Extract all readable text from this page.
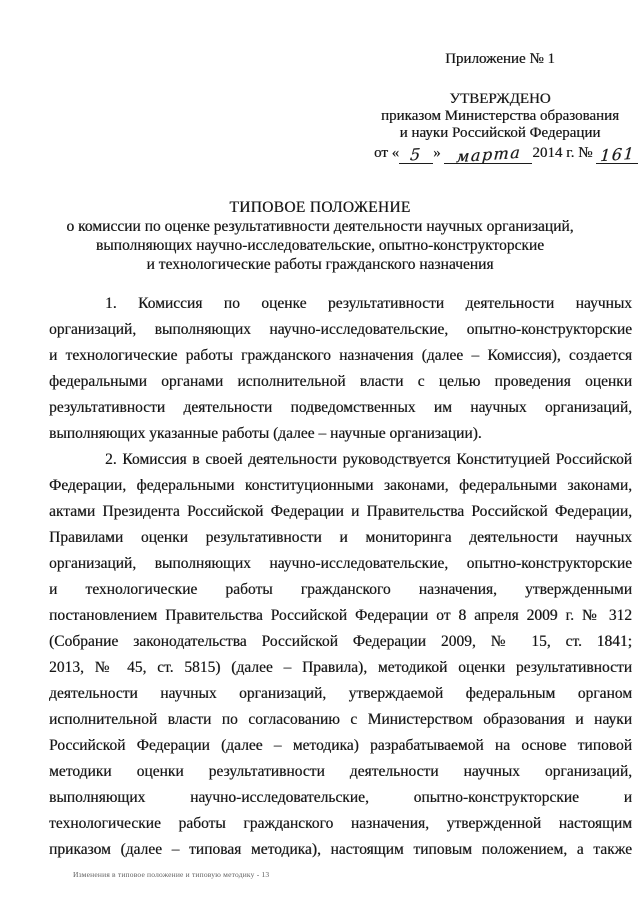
Приложение № 1
УТВЕРЖДЕНО
приказом Министерства образования
и науки Российской Федерации
от « 5 » марта 2014 г. № 161
ТИПОВОЕ ПОЛОЖЕНИЕ
о комиссии по оценке результативности деятельности научных организаций,
выполняющих научно-исследовательские, опытно-конструкторские
и технологические работы гражданского назначения
1. Комиссия по оценке результативности деятельности научных
организаций, выполняющих научно-исследовательские, опытно-конструкторские
и технологические работы гражданского назначения (далее – Комиссия), создается
федеральными органами исполнительной власти с целью проведения оценки
результативности деятельности подведомственных им научных организаций,
выполняющих указанные работы (далее – научные организации).
2. Комиссия в своей деятельности руководствуется Конституцией Российской
Федерации, федеральными конституционными законами, федеральными законами,
актами Президента Российской Федерации и Правительства Российской Федерации,
Правилами оценки результативности и мониторинга деятельности научных
организаций, выполняющих научно-исследовательские, опытно-конструкторские
и технологические работы гражданского назначения, утвержденными
постановлением Правительства Российской Федерации от 8 апреля 2009 г. № 312
(Собрание законодательства Российской Федерации 2009, № 15, ст. 1841;
2013, № 45, ст. 5815) (далее – Правила), методикой оценки результативности
деятельности научных организаций, утверждаемой федеральным органом
исполнительной власти по согласованию с Министерством образования и науки
Российской Федерации (далее – методика) разрабатываемой на основе типовой
методики оценки результативности деятельности научных организаций,
выполняющих научно-исследовательские, опытно-конструкторские и
технологические работы гражданского назначения, утвержденной настоящим
приказом (далее – типовая методика), настоящим типовым положением, а также
Изменения в типовое положение и типовую методику - 13
